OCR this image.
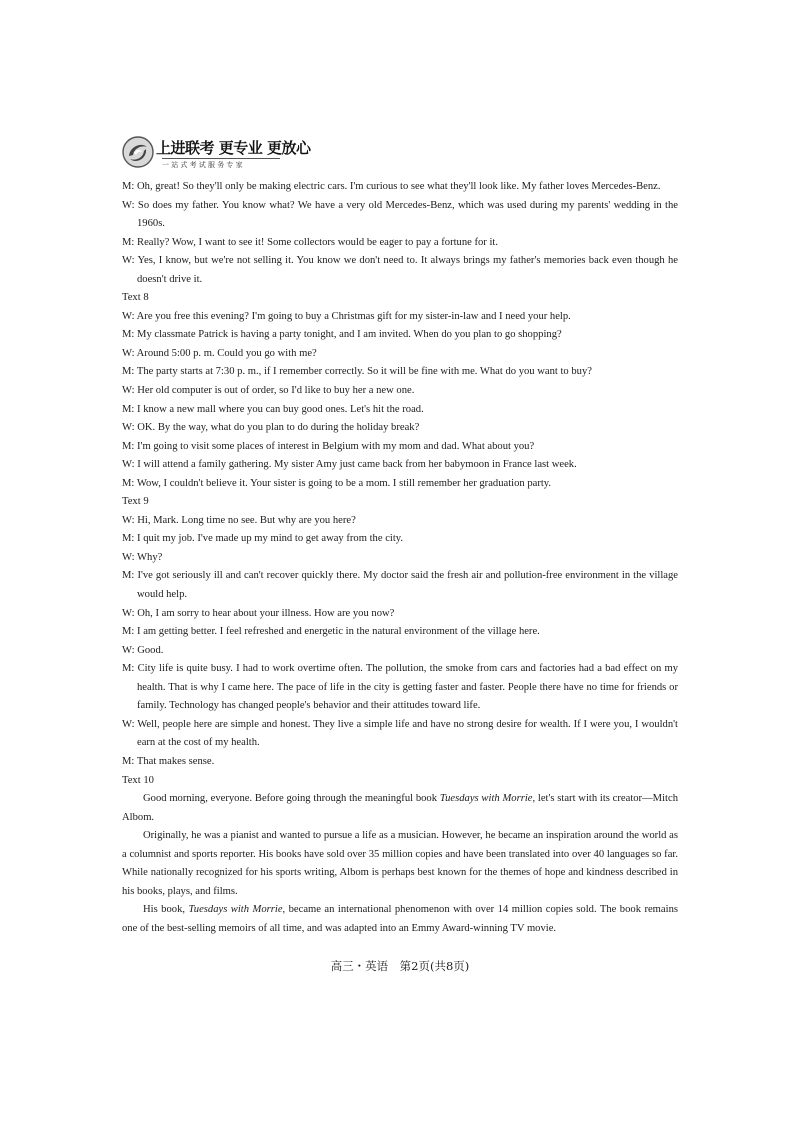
上进联考 更专业 更放心
一站式考试服务专家

M: Oh, great! So they'll only be making electric cars. I'm curious to see what they'll look like. My father loves Mercedes-Benz.

W: So does my father. You know what? We have a very old Mercedes-Benz, which was used during my parents' wedding in the 1960s.

M: Really? Wow, I want to see it! Some collectors would be eager to pay a fortune for it.

W: Yes, I know, but we're not selling it. You know we don't need to. It always brings my father's memories back even though he doesn't drive it.

Text 8

W: Are you free this evening? I'm going to buy a Christmas gift for my sister-in-law and I need your help.

M: My classmate Patrick is having a party tonight, and I am invited. When do you plan to go shopping?

W: Around 5:00 p. m. Could you go with me?

M: The party starts at 7:30 p. m., if I remember correctly. So it will be fine with me. What do you want to buy?

W: Her old computer is out of order, so I'd like to buy her a new one.

M: I know a new mall where you can buy good ones. Let's hit the road.

W: OK. By the way, what do you plan to do during the holiday break?

M: I'm going to visit some places of interest in Belgium with my mom and dad. What about you?

W: I will attend a family gathering. My sister Amy just came back from her babymoon in France last week.

M: Wow, I couldn't believe it. Your sister is going to be a mom. I still remember her graduation party.

Text 9

W: Hi, Mark. Long time no see. But why are you here?

M: I quit my job. I've made up my mind to get away from the city.

W: Why?

M: I've got seriously ill and can't recover quickly there. My doctor said the fresh air and pollution-free environment in the village would help.

W: Oh, I am sorry to hear about your illness. How are you now?

M: I am getting better. I feel refreshed and energetic in the natural environment of the village here.

W: Good.

M: City life is quite busy. I had to work overtime often. The pollution, the smoke from cars and factories had a bad effect on my health. That is why I came here. The pace of life in the city is getting faster and faster. People there have no time for friends or family. Technology has changed people's behavior and their attitudes toward life.

W: Well, people here are simple and honest. They live a simple life and have no strong desire for wealth. If I were you, I wouldn't earn at the cost of my health.

M: That makes sense.

Text 10

Good morning, everyone. Before going through the meaningful book Tuesdays with Morrie, let's start with its creator—Mitch Albom.

Originally, he was a pianist and wanted to pursue a life as a musician. However, he became an inspiration around the world as a columnist and sports reporter. His books have sold over 35 million copies and have been translated into over 40 languages so far. While nationally recognized for his sports writing, Albom is perhaps best known for the themes of hope and kindness described in his books, plays, and films.

His book, Tuesdays with Morrie, became an international phenomenon with over 14 million copies sold. The book remains one of the best-selling memoirs of all time, and was adapted into an Emmy Award-winning TV movie.

高三・英语　第2页(共8页)
